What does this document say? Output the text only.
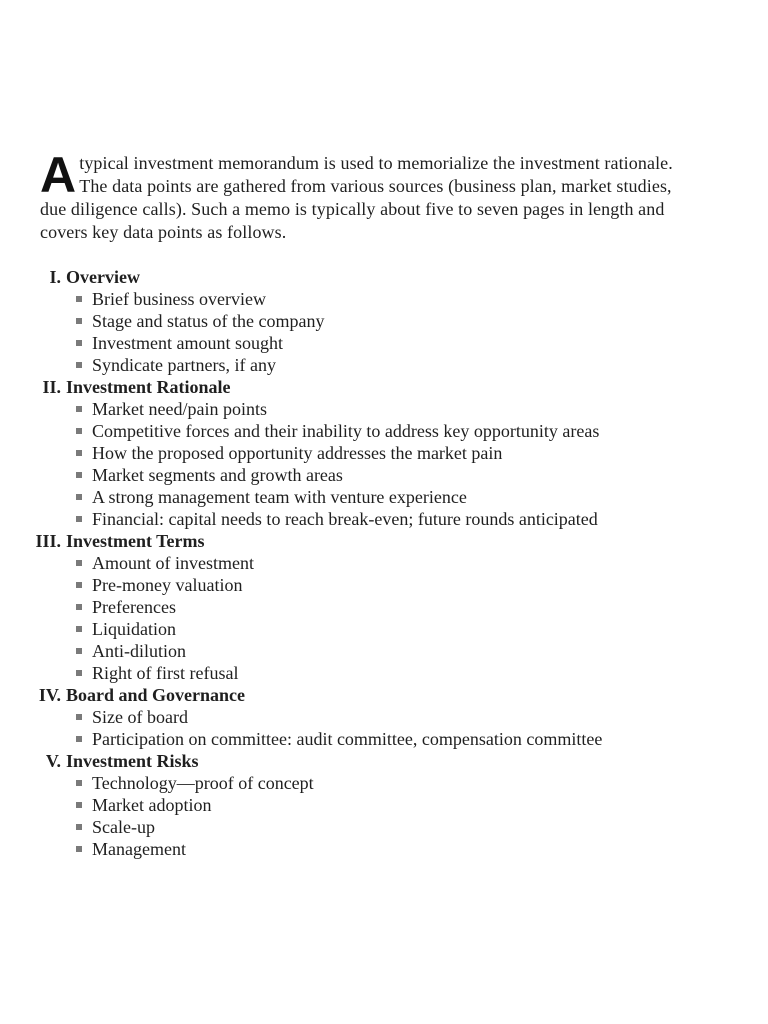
A typical investment memorandum is used to memorialize the investment rationale. The data points are gathered from various sources (business plan, market studies, due diligence calls). Such a memo is typically about five to seven pages in length and covers key data points as follows.

I. Overview
Brief business overview
Stage and status of the company
Investment amount sought
Syndicate partners, if any
II. Investment Rationale
Market need/pain points
Competitive forces and their inability to address key opportunity areas
How the proposed opportunity addresses the market pain
Market segments and growth areas
A strong management team with venture experience
Financial: capital needs to reach break-even; future rounds anticipated
III. Investment Terms
Amount of investment
Pre-money valuation
Preferences
Liquidation
Anti-dilution
Right of first refusal
IV. Board and Governance
Size of board
Participation on committee: audit committee, compensation committee
V. Investment Risks
Technology—proof of concept
Market adoption
Scale-up
Management
